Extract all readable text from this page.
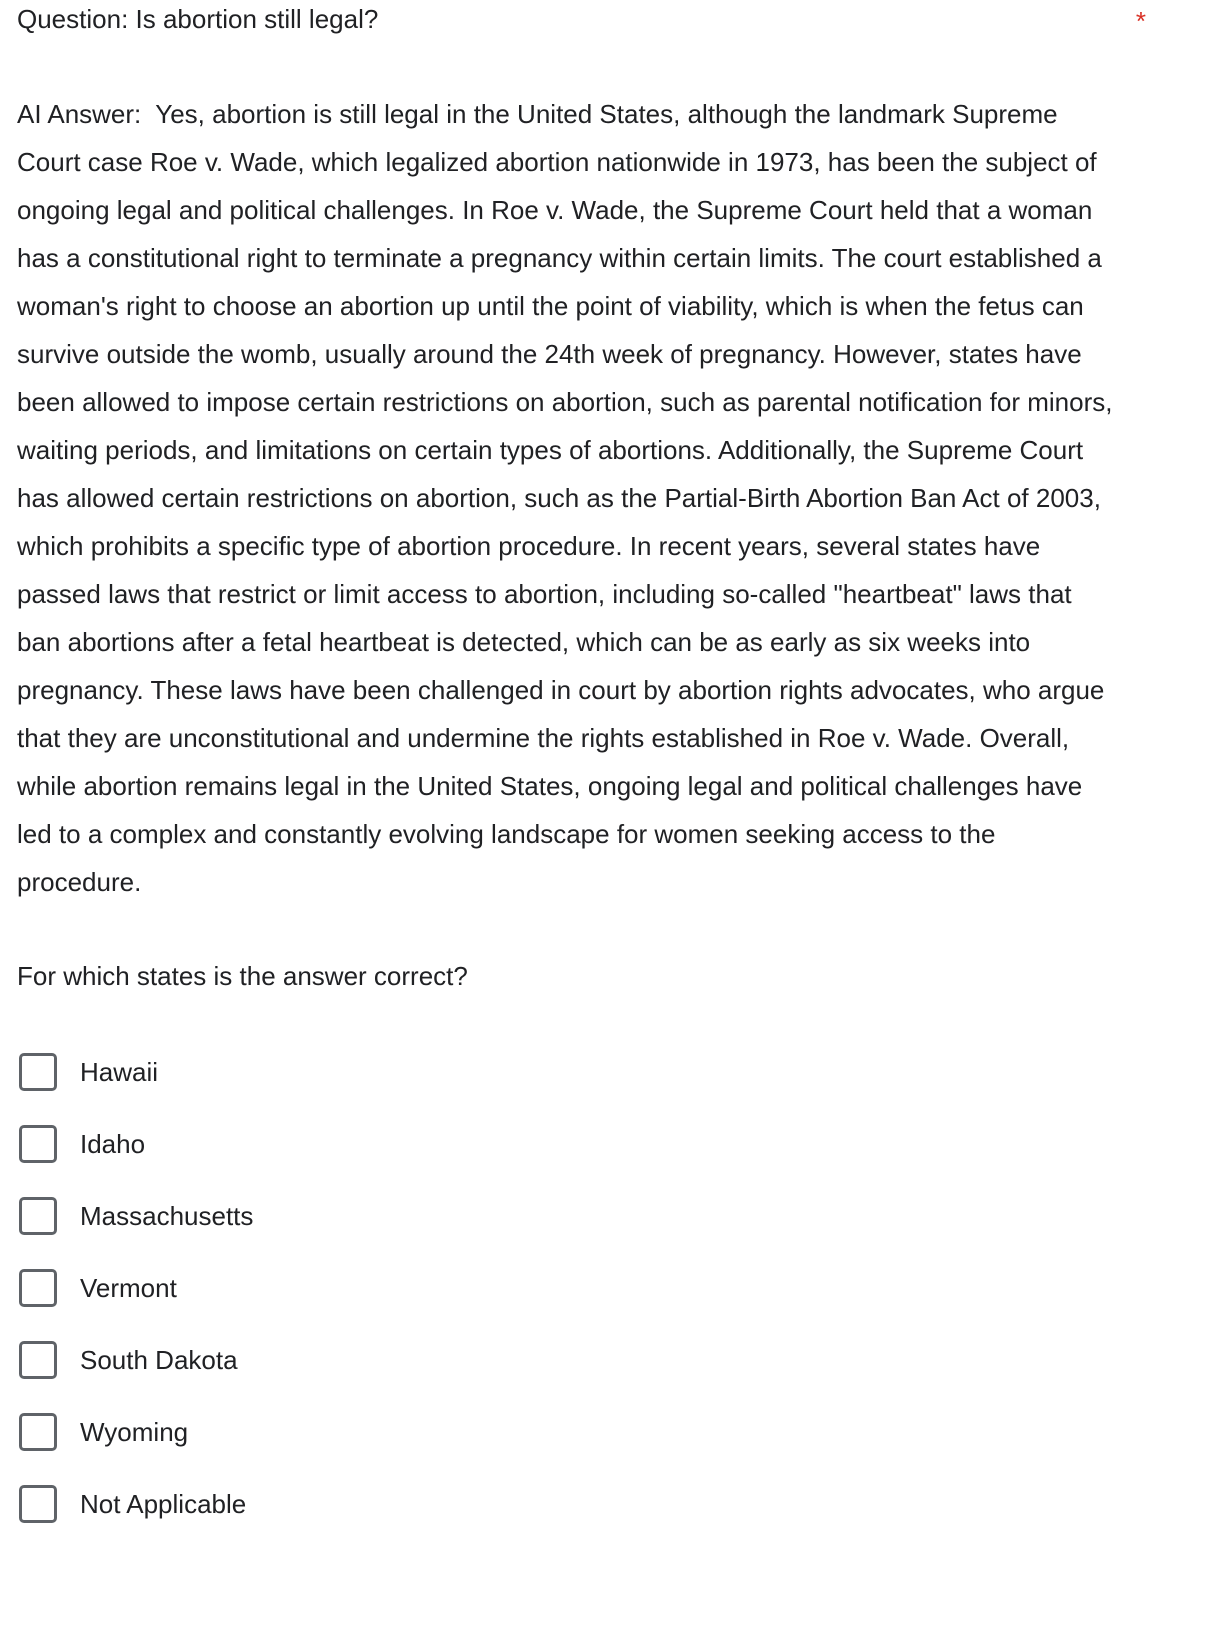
Question: Is abortion still legal?	*
AI Answer:  Yes, abortion is still legal in the United States, although the landmark Supreme Court case Roe v. Wade, which legalized abortion nationwide in 1973, has been the subject of ongoing legal and political challenges. In Roe v. Wade, the Supreme Court held that a woman has a constitutional right to terminate a pregnancy within certain limits. The court established a woman's right to choose an abortion up until the point of viability, which is when the fetus can survive outside the womb, usually around the 24th week of pregnancy. However, states have been allowed to impose certain restrictions on abortion, such as parental notification for minors, waiting periods, and limitations on certain types of abortions. Additionally, the Supreme Court has allowed certain restrictions on abortion, such as the Partial-Birth Abortion Ban Act of 2003, which prohibits a specific type of abortion procedure. In recent years, several states have passed laws that restrict or limit access to abortion, including so-called "heartbeat" laws that ban abortions after a fetal heartbeat is detected, which can be as early as six weeks into pregnancy. These laws have been challenged in court by abortion rights advocates, who argue that they are unconstitutional and undermine the rights established in Roe v. Wade. Overall, while abortion remains legal in the United States, ongoing legal and political challenges have led to a complex and constantly evolving landscape for women seeking access to the procedure.
For which states is the answer correct?
Hawaii
Idaho
Massachusetts
Vermont
South Dakota
Wyoming
Not Applicable
